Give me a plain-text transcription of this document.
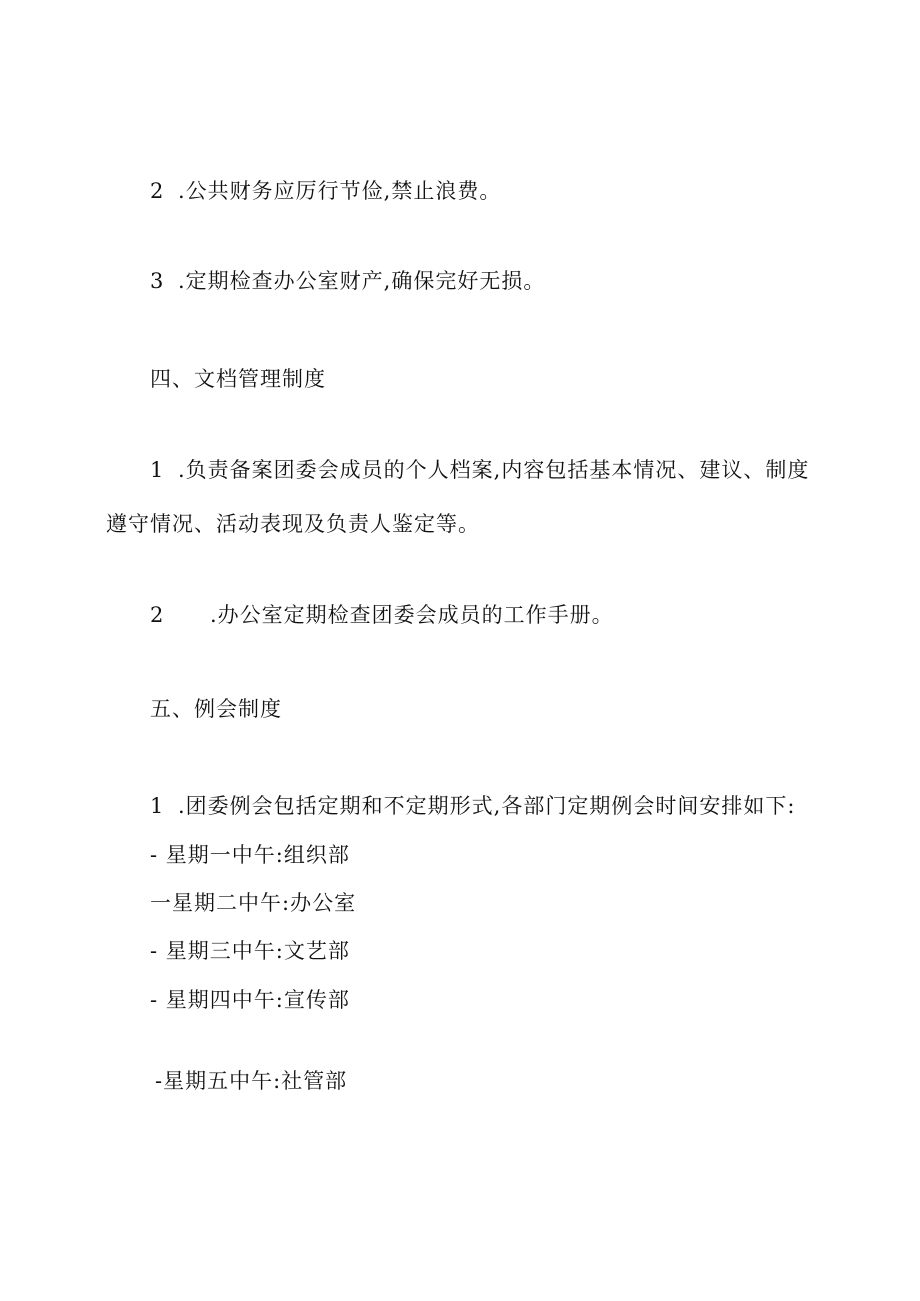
2 .公共财务应厉行节俭,禁止浪费。
3 .定期检查办公室财产,确保完好无损。
四、文档管理制度
1 .负责备案团委会成员的个人档案,内容包括基本情况、建议、制度
遵守情况、活动表现及负责人鉴定等。
2 .办公室定期检查团委会成员的工作手册。
五、例会制度
1 .团委例会包括定期和不定期形式,各部门定期例会时间安排如下:
- 星期一中午:组织部
一星期二中午:办公室
- 星期三中午:文艺部
- 星期四中午:宣传部
-星期五中午:社管部
